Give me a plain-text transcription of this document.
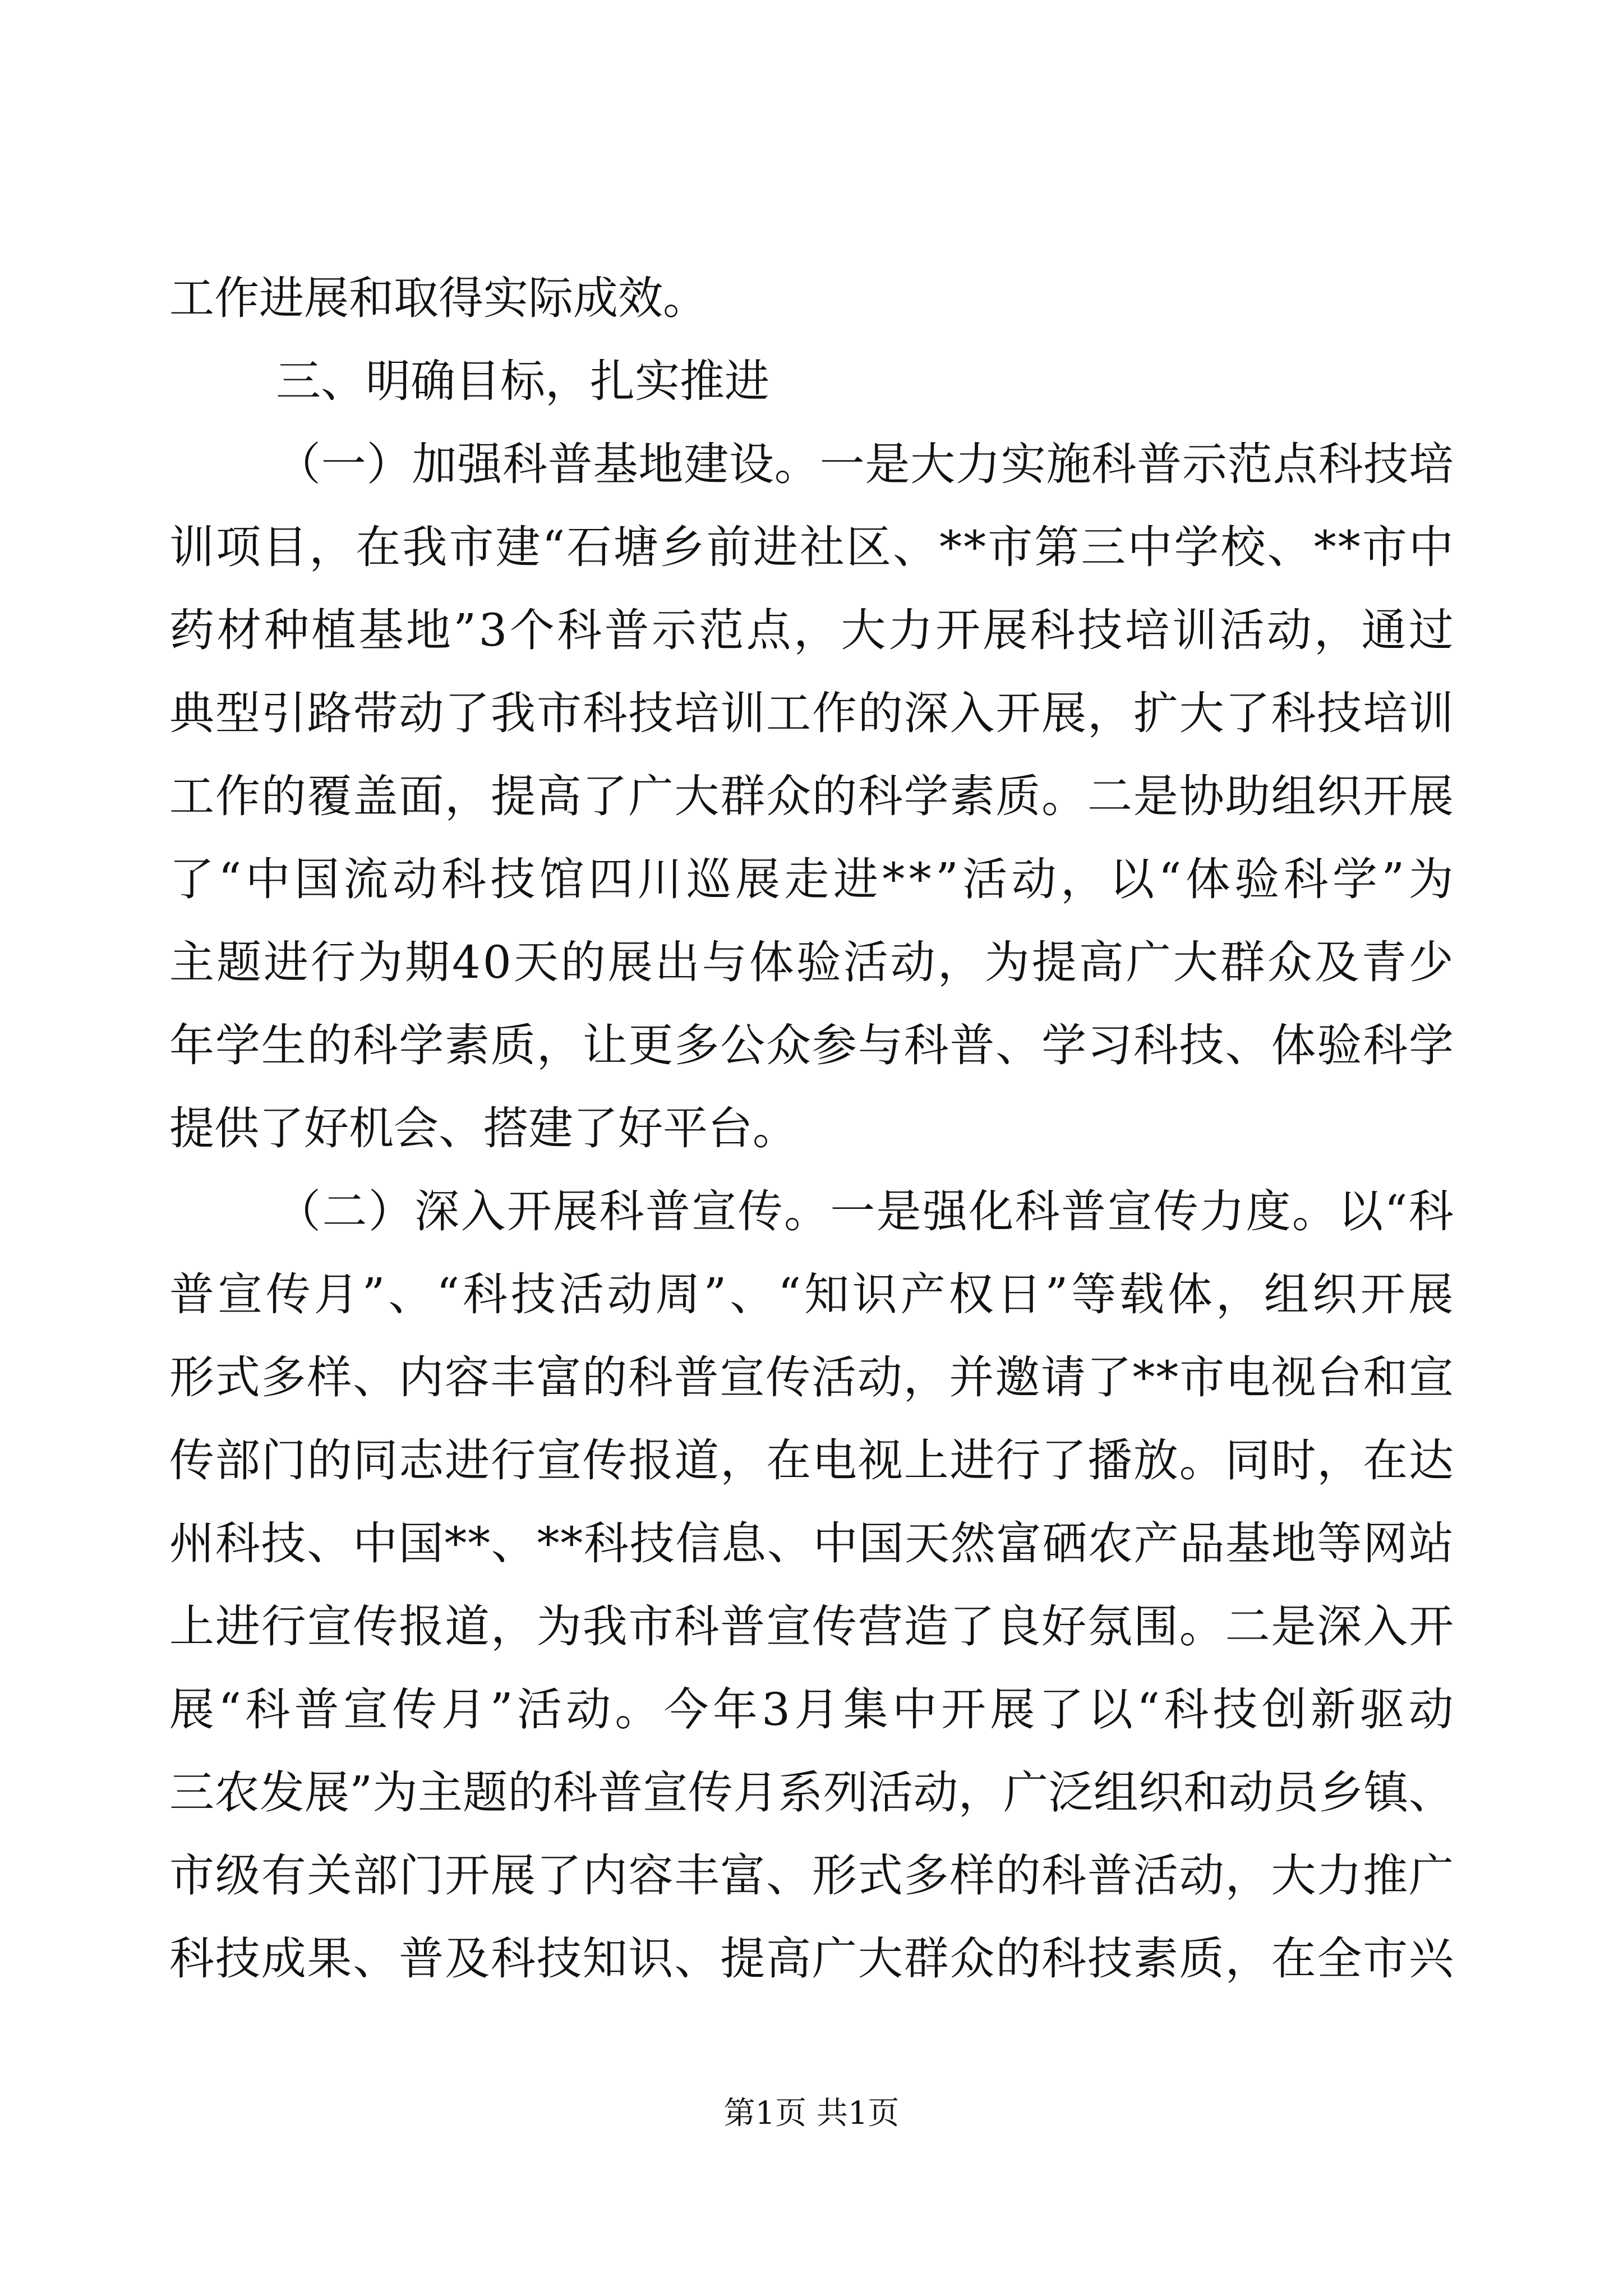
工作进展和取得实际成效。
三、明确目标，扎实推进
（一）加强科普基地建设。一是大力实施科普示范点科技培
训项目，在我市建“石塘乡前进社区、**市第三中学校、**市中
药材种植基地”3个科普示范点，大力开展科技培训活动，通过
典型引路带动了我市科技培训工作的深入开展，扩大了科技培训
工作的覆盖面，提高了广大群众的科学素质。二是协助组织开展
了“中国流动科技馆四川巡展走进**”活动，以“体验科学”为
主题进行为期40天的展出与体验活动，为提高广大群众及青少
年学生的科学素质，让更多公众参与科普、学习科技、体验科学
提供了好机会、搭建了好平台。
（二）深入开展科普宣传。一是强化科普宣传力度。以“科
普宣传月”、“科技活动周”、“知识产权日”等载体，组织开展
形式多样、内容丰富的科普宣传活动，并邀请了**市电视台和宣
传部门的同志进行宣传报道，在电视上进行了播放。同时，在达
州科技、中国**、**科技信息、中国天然富硒农产品基地等网站
上进行宣传报道，为我市科普宣传营造了良好氛围。二是深入开
展“科普宣传月”活动。今年3月集中开展了以“科技创新驱动
三农发展”为主题的科普宣传月系列活动，广泛组织和动员乡镇、
市级有关部门开展了内容丰富、形式多样的科普活动，大力推广
科技成果、普及科技知识、提高广大群众的科技素质，在全市兴
第1页 共1页
